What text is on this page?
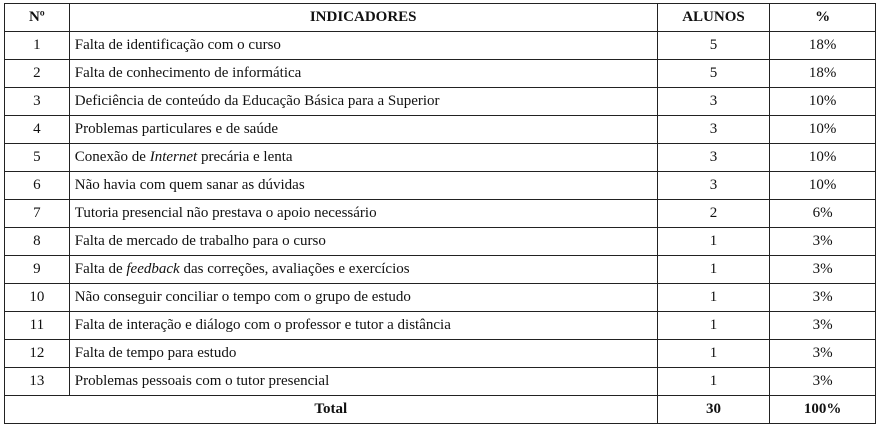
Nº	INDICADORES	ALUNOS	%
1	Falta de identificação com o curso	5	18%
2	Falta de conhecimento de informática	5	18%
3	Deficiência de conteúdo da Educação Básica para a Superior	3	10%
4	Problemas particulares e de saúde	3	10%
5	Conexão de Internet precária e lenta	3	10%
6	Não havia com quem sanar as dúvidas	3	10%
7	Tutoria presencial não prestava o apoio necessário	2	6%
8	Falta de mercado de trabalho para o curso	1	3%
9	Falta de feedback das correções, avaliações e exercícios	1	3%
10	Não conseguir conciliar o tempo com o grupo de estudo	1	3%
11	Falta de interação e diálogo com o professor e tutor a distância	1	3%
12	Falta de tempo para estudo	1	3%
13	Problemas pessoais com o tutor presencial	1	3%
Total		30	100%
